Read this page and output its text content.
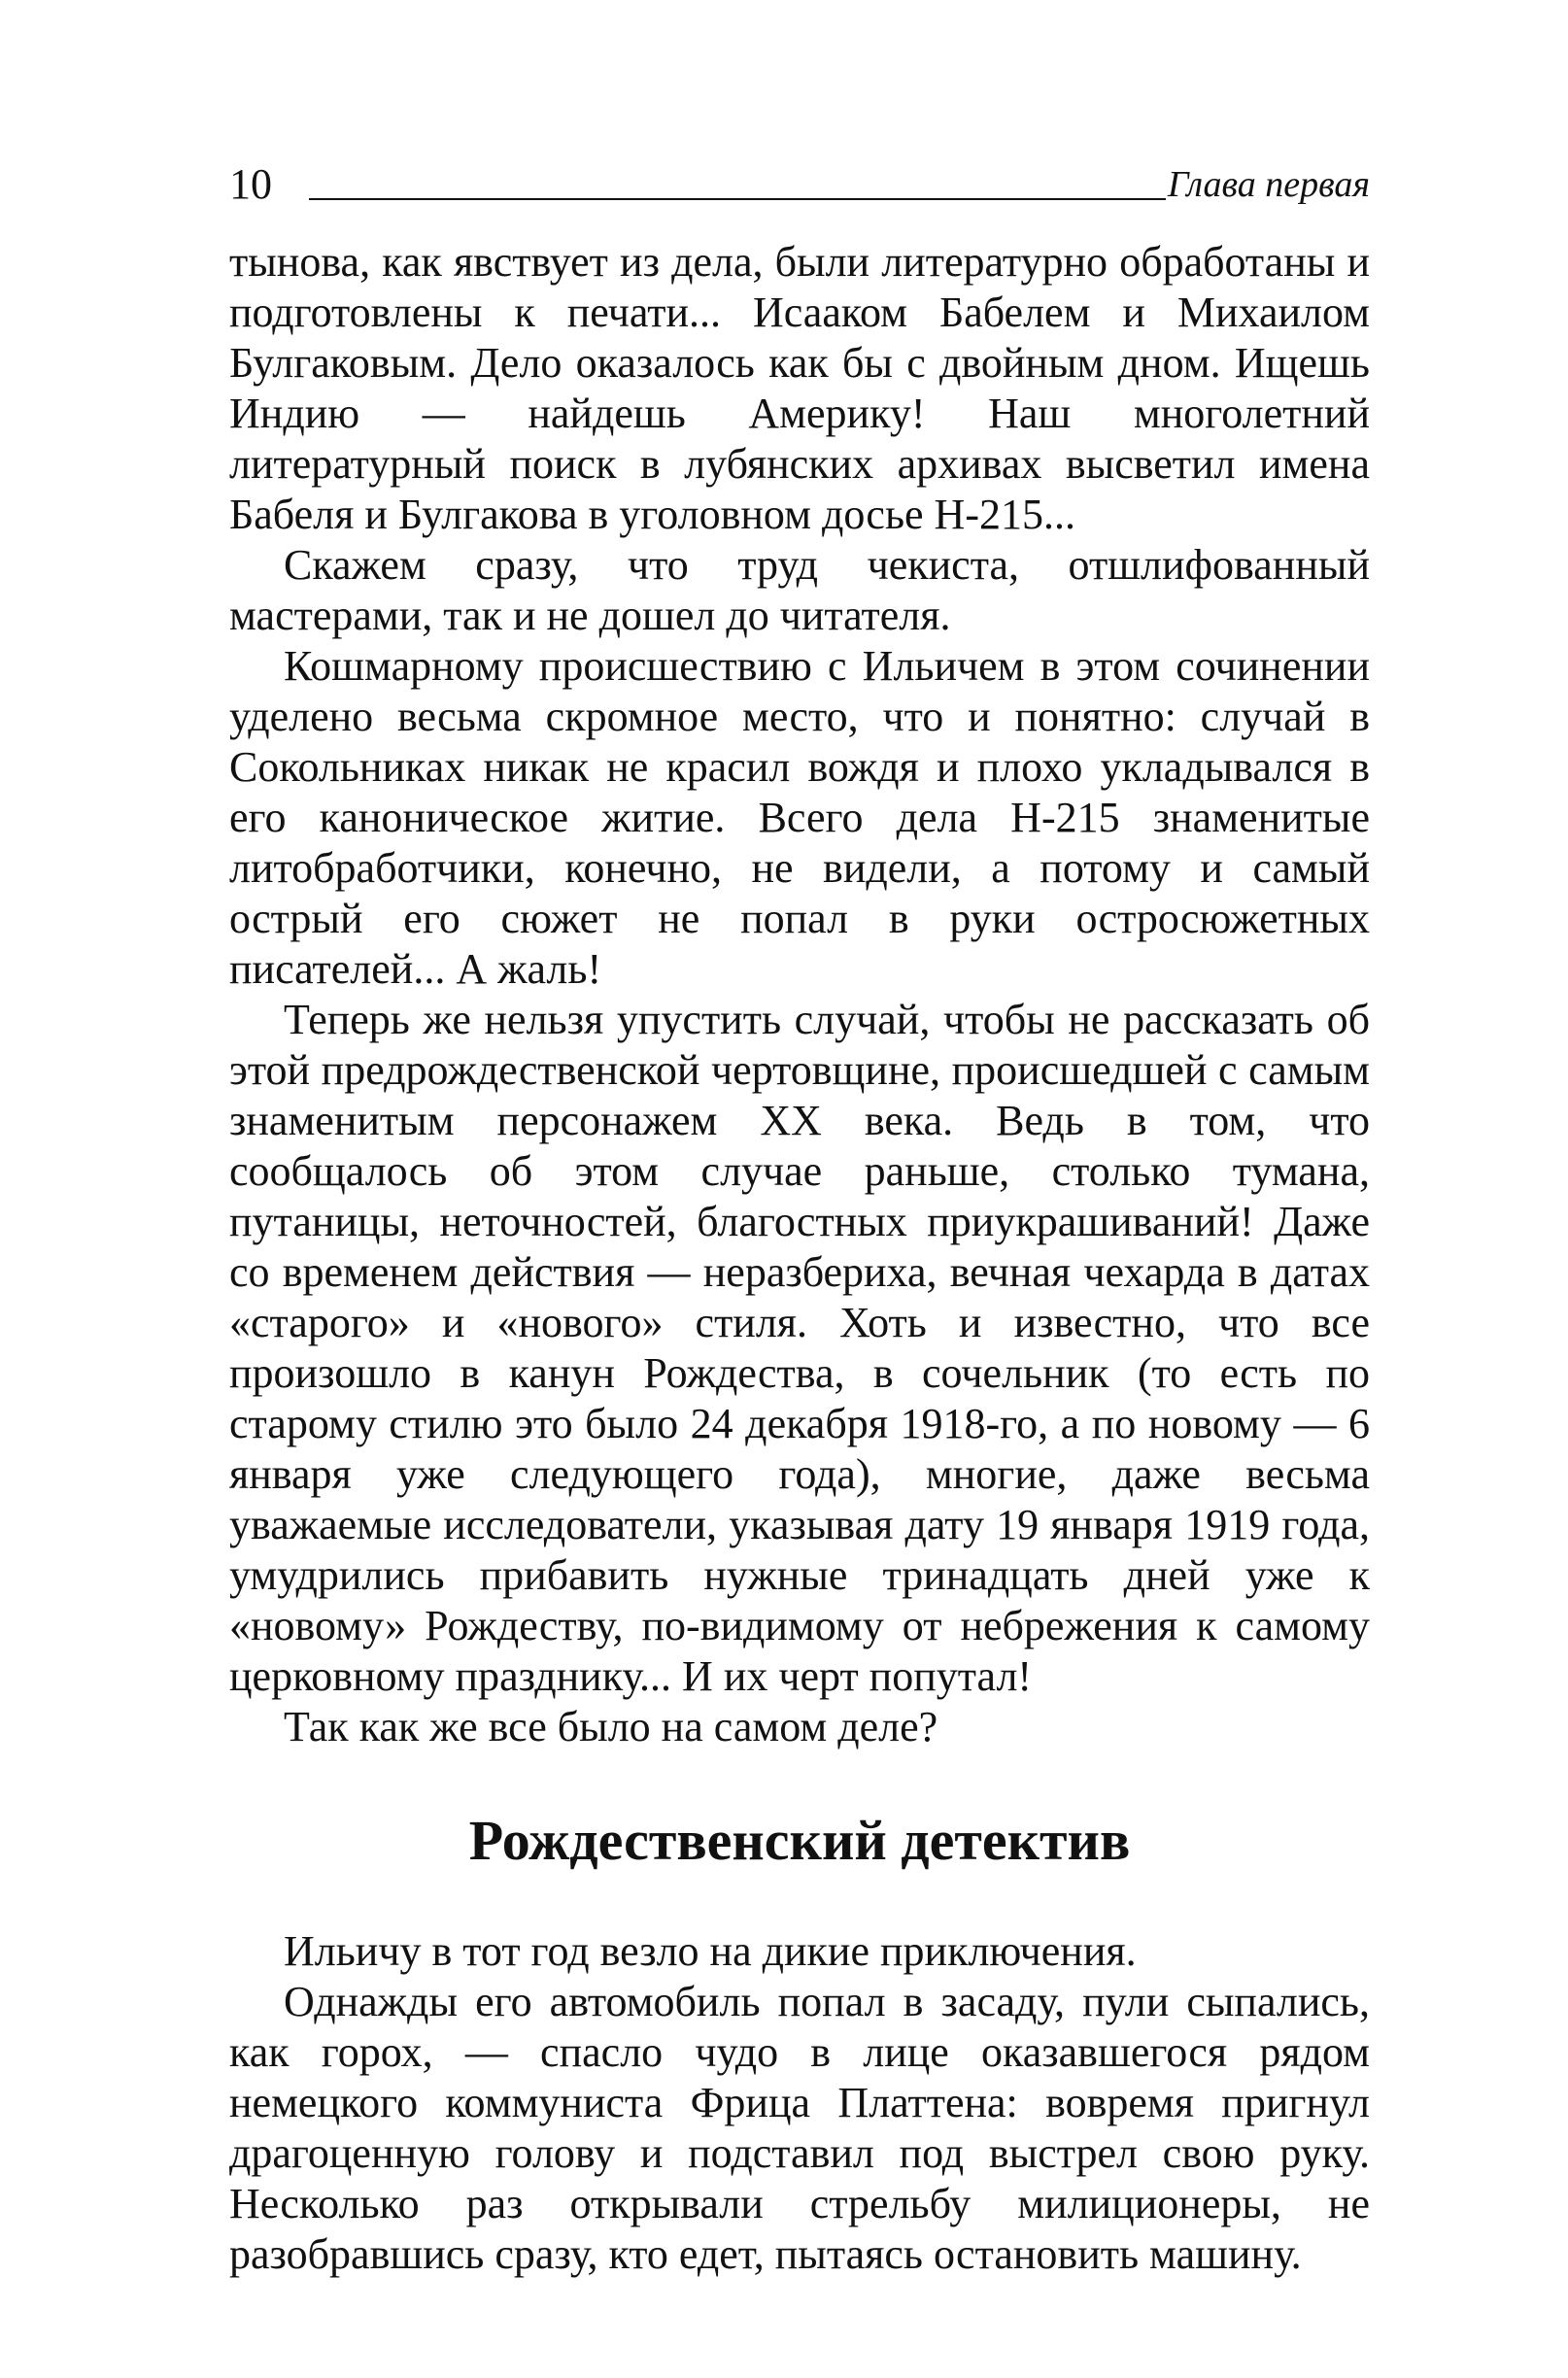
10	Глава первая

тынова, как явствует из дела, были литературно обработаны и подготовлены к печати... Исааком Бабелем и Михаилом Булгаковым. Дело оказалось как бы с двойным дном. Ищешь Индию — найдешь Америку! Наш многолетний литературный поиск в лубянских архивах высветил имена Бабеля и Булгакова в уголовном досье Н-215...

Скажем сразу, что труд чекиста, отшлифованный мастерами, так и не дошел до читателя.

Кошмарному происшествию с Ильичем в этом сочинении уделено весьма скромное место, что и понятно: случай в Сокольниках никак не красил вождя и плохо укладывался в его каноническое житие. Всего дела Н-215 знаменитые литобработчики, конечно, не видели, а потому и самый острый его сюжет не попал в руки остросюжетных писателей... А жаль!

Теперь же нельзя упустить случай, чтобы не рассказать об этой предрождественской чертовщине, происшедшей с самым знаменитым персонажем XX века. Ведь в том, что сообщалось об этом случае раньше, столько тумана, путаницы, неточностей, благостных приукрашиваний! Даже со временем действия — неразбериха, вечная чехарда в датах «старого» и «нового» стиля. Хоть и известно, что все произошло в канун Рождества, в сочельник (то есть по старому стилю это было 24 декабря 1918-го, а по новому — 6 января уже следующего года), многие, даже весьма уважаемые исследователи, указывая дату 19 января 1919 года, умудрились прибавить нужные тринадцать дней уже к «новому» Рождеству, по-видимому от небрежения к самому церковному празднику... И их черт попутал!

Так как же все было на самом деле?

Рождественский детектив

Ильичу в тот год везло на дикие приключения.

Однажды его автомобиль попал в засаду, пули сыпались, как горох, — спасло чудо в лице оказавшегося рядом немецкого коммуниста Фрица Платтена: вовремя пригнул драгоценную голову и подставил под выстрел свою руку. Несколько раз открывали стрельбу милиционеры, не разобравшись сразу, кто едет, пытаясь остановить машину.
